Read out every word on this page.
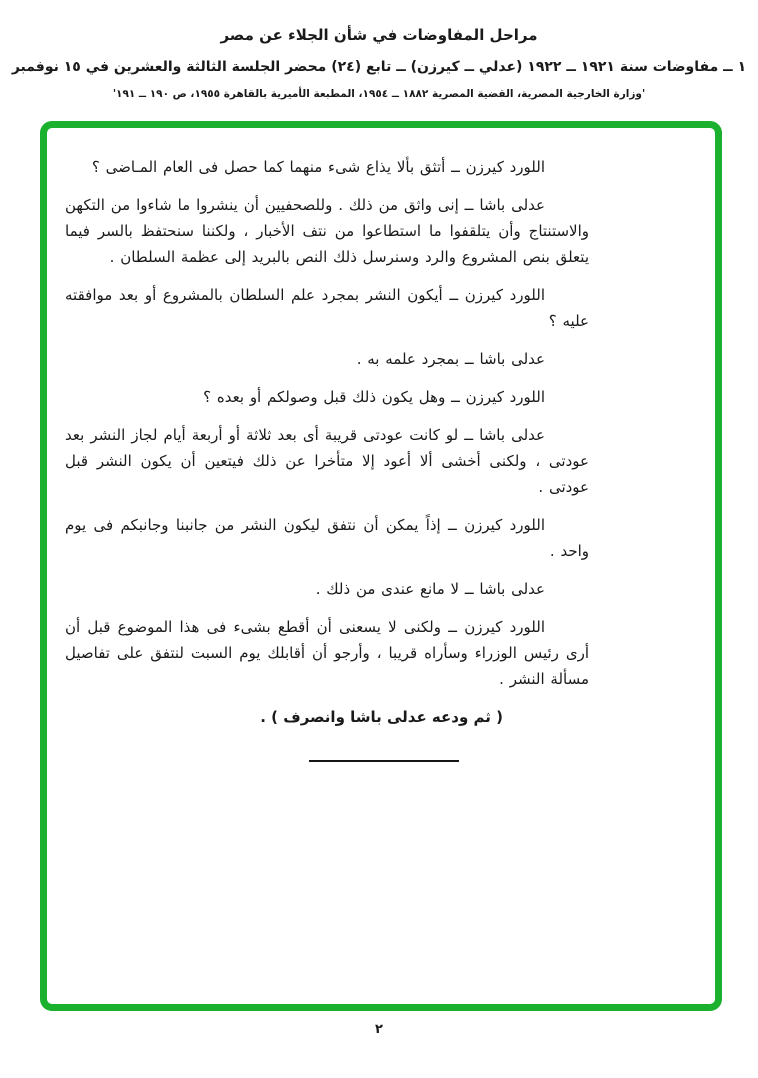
مراحل المفاوضات في شأن الجلاء عن مصر
١ ــ مفاوضات سنة ١٩٢١ ــ ١٩٢٢ (عدلي ــ كيرزن) ــ تابع (٢٤) محضر الجلسة الثالثة والعشرين في ١٥ نوفمبر
'وزارة الخارجية المصرية، القضية المصرية ١٨٨٢ ــ ١٩٥٤، المطبعة الأميرية بالقاهرة ١٩٥٥، ص ١٩٠ ــ ١٩١'

اللورد كيرزن ــ أتثق بألا يذاع شىء منهما كما حصل فى العام المـاضى ؟

عدلى باشا ــ إنى واثق من ذلك . وللصحفيين أن ينشروا ما شاءوا من التكهن والاستنتاج وأن يتلقفوا ما استطاعوا من نتف الأخبار ، ولكننا سنحتفظ بالسر فيما يتعلق بنص المشروع والرد وسنرسل ذلك النص بالبريد إلى عظمة السلطان .

اللورد كيرزن ــ أيكون النشر بمجرد علم السلطان بالمشروع أو بعد موافقته عليه ؟

عدلى باشا ــ بمجرد علمه به .

اللورد كيرزن ــ وهل يكون ذلك قبل وصولكم أو بعده ؟

عدلى باشا ــ لو كانت عودتى قريبة أى بعد ثلاثة أو أربعة أيام لجاز النشر بعد عودتى ، ولكنى أخشى ألا أعود إلا متأخرا عن ذلك فيتعين أن يكون النشر قبل عودتى .

اللورد كيرزن ــ إذاً يمكن أن نتفق ليكون النشر من جانبنا وجانبكم فى يوم واحد .

عدلى باشا ــ لا مانع عندى من ذلك .

اللورد كيرزن ــ ولكنى لا يسعنى أن أقطع بشىء فى هذا الموضوع قبل أن أرى رئيس الوزراء وسأراه قريبا ، وأرجو أن أقابلك يوم السبت لنتفق على تفاصيل مسألة النشر .

( ثم ودعه عدلى باشا وانصرف ) .

٢
